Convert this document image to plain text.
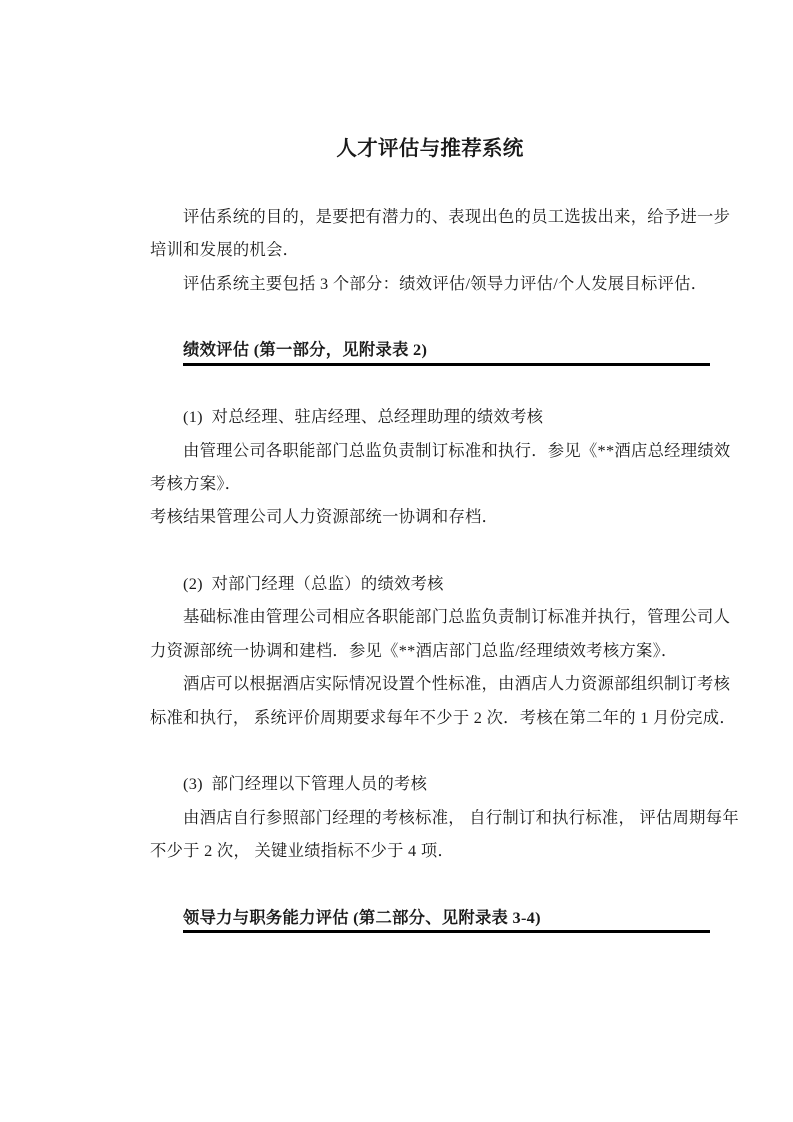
人才评估与推荐系统
评估系统的目的，是要把有潜力的、表现出色的员工选拔出来，给予进一步
培训和发展的机会．
评估系统主要包括 3 个部分：绩效评估/领导力评估/个人发展目标评估．
绩效评估 (第一部分，见附录表 2)
(1)  对总经理、驻店经理、总经理助理的绩效考核
由管理公司各职能部门总监负责制订标准和执行．参见《**酒店总经理绩效
考核方案》．
考核结果管理公司人力资源部统一协调和存档．
(2)  对部门经理（总监）的绩效考核
基础标准由管理公司相应各职能部门总监负责制订标准并执行，管理公司人
力资源部统一协调和建档．参见《**酒店部门总监/经理绩效考核方案》．
酒店可以根据酒店实际情况设置个性标准，由酒店人力资源部组织制订考核
标准和执行， 系统评价周期要求每年不少于 2 次．考核在第二年的 1 月份完成．
(3)  部门经理以下管理人员的考核
由酒店自行参照部门经理的考核标准， 自行制订和执行标准， 评估周期每年
不少于 2 次， 关键业绩指标不少于 4 项．
领导力与职务能力评估 (第二部分、见附录表 3-4)
